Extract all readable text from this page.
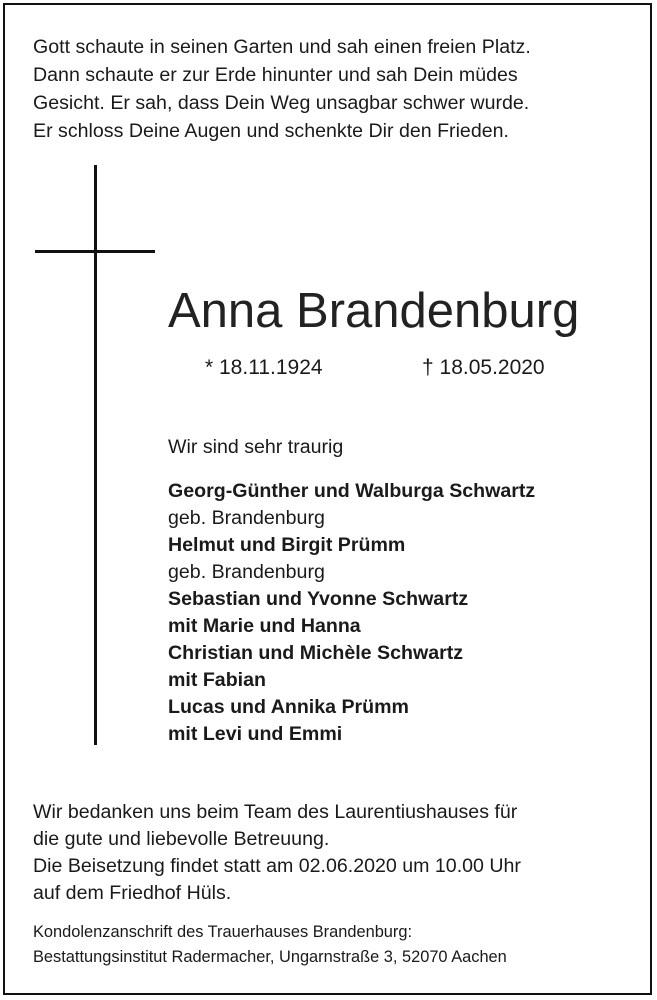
Gott schaute in seinen Garten und sah einen freien Platz.
Dann schaute er zur Erde hinunter und sah Dein müdes
Gesicht. Er sah, dass Dein Weg unsagbar schwer wurde.
Er schloss Deine Augen und schenkte Dir den Frieden.
Anna Brandenburg
* 18.11.1924	† 18.05.2020
Wir sind sehr traurig
Georg-Günther und Walburga Schwartz
geb. Brandenburg
Helmut und Birgit Prümm
geb. Brandenburg
Sebastian und Yvonne Schwartz
mit Marie und Hanna
Christian und Michèle Schwartz
mit Fabian
Lucas und Annika Prümm
mit Levi und Emmi
Wir bedanken uns beim Team des Laurentiushauses für
die gute und liebevolle Betreuung.
Die Beisetzung findet statt am 02.06.2020 um 10.00 Uhr
auf dem Friedhof Hüls.
Kondolenzanschrift des Trauerhauses Brandenburg:
Bestattungsinstitut Radermacher, Ungarnstraße 3, 52070 Aachen
